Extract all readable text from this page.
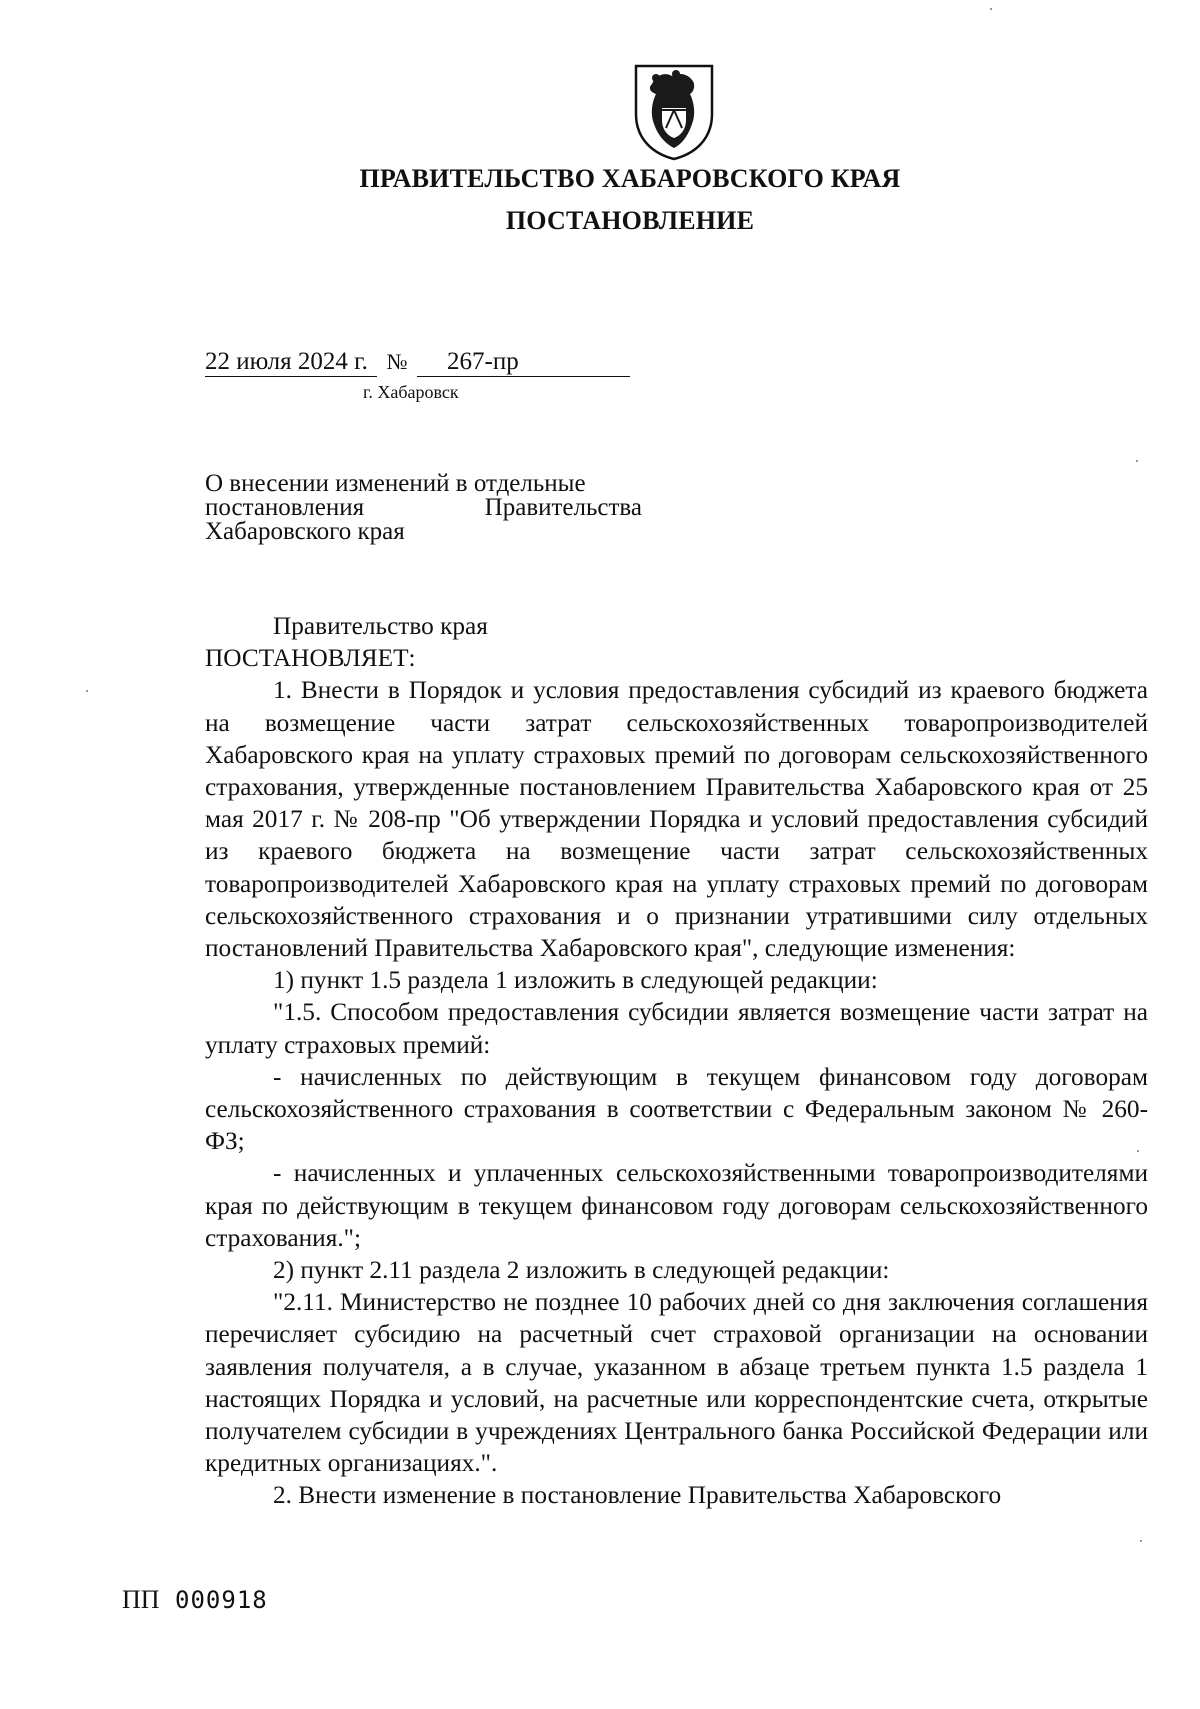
ПРАВИТЕЛЬСТВО ХАБАРОВСКОГО КРАЯ
ПОСТАНОВЛЕНИЕ
22 июля 2024 г. № 267-пр
г. Хабаровск
О внесении изменений в отдельные
постановления	Правительства
Хабаровского края

Правительство края

ПОСТАНОВЛЯЕТ:

1. Внести в Порядок и условия предоставления субсидий из краевого бюджета на возмещение части затрат сельскохозяйственных товаропроизводителей Хабаровского края на уплату страховых премий по договорам сельскохозяйственного страхования, утвержденные постановлением Правительства Хабаровского края от 25 мая 2017 г. № 208-пр "Об утверждении Порядка и условий предоставления субсидий из краевого бюджета на возмещение части затрат сельскохозяйственных товаропроизводителей Хабаровского края на уплату страховых премий по договорам сельскохозяйственного страхования и о признании утратившими силу отдельных постановлений Правительства Хабаровского края", следующие изменения:

1) пункт 1.5 раздела 1 изложить в следующей редакции:

"1.5. Способом предоставления субсидии является возмещение части затрат на уплату страховых премий:

- начисленных по действующим в текущем финансовом году договорам сельскохозяйственного страхования в соответствии с Федеральным законом № 260-ФЗ;

- начисленных и уплаченных сельскохозяйственными товаропроизводителями края по действующим в текущем финансовом году договорам сельскохозяйственного страхования.";

2) пункт 2.11 раздела 2 изложить в следующей редакции:

"2.11. Министерство не позднее 10 рабочих дней со дня заключения соглашения перечисляет субсидию на расчетный счет страховой организации на основании заявления получателя, а в случае, указанном в абзаце третьем пункта 1.5 раздела 1 настоящих Порядка и условий, на расчетные или корреспондентские счета, открытые получателем субсидии в учреждениях Центрального банка Российской Федерации или кредитных организациях.".

2. Внести изменение в постановление Правительства Хабаровского

ПП 000918
